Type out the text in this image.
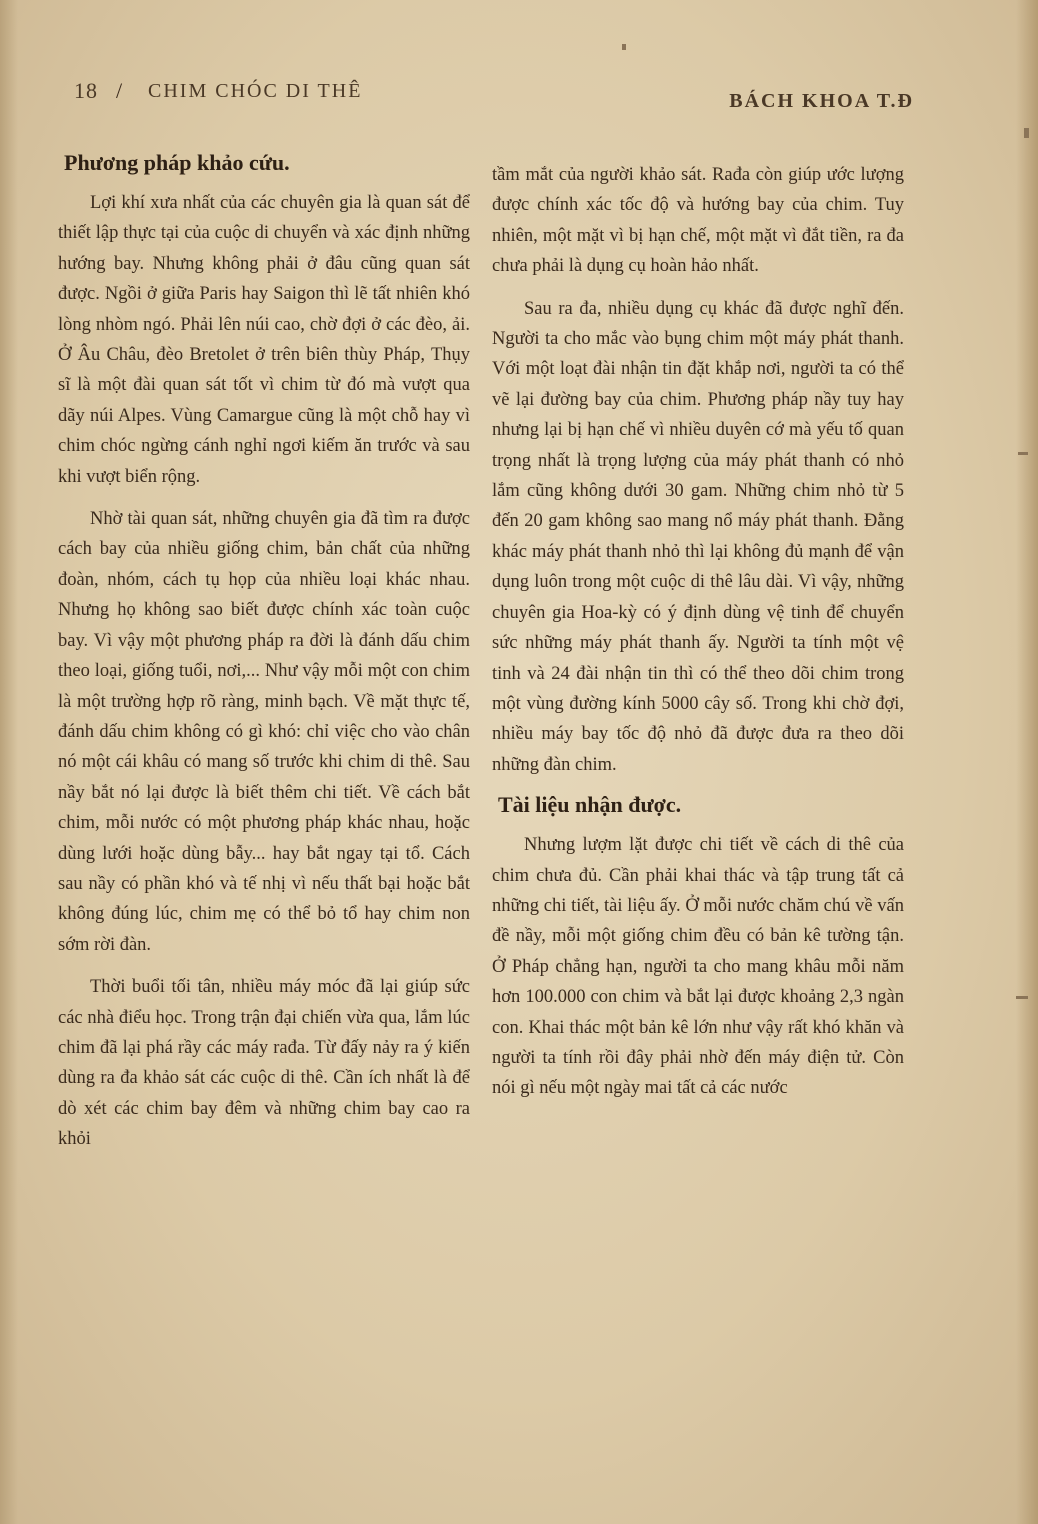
18 / CHIM CHÓC DI THÊ	BÁCH KHOA T.Đ
Phương pháp khảo cứu.

Lợi khí xưa nhất của các chuyên gia là quan sát để thiết lập thực tại của cuộc di chuyển và xác định những hướng bay. Nhưng không phải ở đâu cũng quan sát được. Ngồi ở giữa Paris hay Saigon thì lẽ tất nhiên khó lòng nhòm ngó. Phải lên núi cao, chờ đợi ở các đèo, ải. Ở Âu Châu, đèo Bretolet ở trên biên thùy Pháp, Thụy sĩ là một đài quan sát tốt vì chim từ đó mà vượt qua dãy núi Alpes. Vùng Camargue cũng là một chỗ hay vì chim chóc ngừng cánh nghỉ ngơi kiếm ăn trước và sau khi vượt biển rộng.

Nhờ tài quan sát, những chuyên gia đã tìm ra được cách bay của nhiều giống chim, bản chất của những đoàn, nhóm, cách tụ họp của nhiều loại khác nhau. Nhưng họ không sao biết được chính xác toàn cuộc bay. Vì vậy một phương pháp ra đời là đánh dấu chim theo loại, giống tuổi, nơi,... Như vậy mỗi một con chim là một trường hợp rõ ràng, minh bạch. Về mặt thực tế, đánh dấu chim không có gì khó: chỉ việc cho vào chân nó một cái khâu có mang số trước khi chim di thê. Sau nầy bắt nó lại được là biết thêm chi tiết. Về cách bắt chim, mỗi nước có một phương pháp khác nhau, hoặc dùng lưới hoặc dùng bẫy... hay bắt ngay tại tổ. Cách sau nầy có phần khó và tế nhị vì nếu thất bại hoặc bắt không đúng lúc, chim mẹ có thể bỏ tổ hay chim non sớm rời đàn.

Thời buổi tối tân, nhiều máy móc đã lại giúp sức các nhà điểu học. Trong trận đại chiến vừa qua, lắm lúc chim đã lại phá rầy các máy rađa. Từ đấy nảy ra ý kiến dùng ra đa khảo sát các cuộc di thê. Cần ích nhất là để dò xét các chim bay đêm và những chim bay cao ra khỏi

tầm mắt của người khảo sát. Rađa còn giúp ước lượng được chính xác tốc độ và hướng bay của chim. Tuy nhiên, một mặt vì bị hạn chế, một mặt vì đắt tiền, ra đa chưa phải là dụng cụ hoàn hảo nhất.

Sau ra đa, nhiều dụng cụ khác đã được nghĩ đến. Người ta cho mắc vào bụng chim một máy phát thanh. Với một loạt đài nhận tin đặt khắp nơi, người ta có thể vẽ lại đường bay của chim. Phương pháp nầy tuy hay nhưng lại bị hạn chế vì nhiều duyên cớ mà yếu tố quan trọng nhất là trọng lượng của máy phát thanh có nhỏ lắm cũng không dưới 30 gam. Những chim nhỏ từ 5 đến 20 gam không sao mang nổ máy phát thanh. Đằng khác máy phát thanh nhỏ thì lại không đủ mạnh để vận dụng luôn trong một cuộc di thê lâu dài. Vì vậy, những chuyên gia Hoa-kỳ có ý định dùng vệ tinh để chuyển sức những máy phát thanh ấy. Người ta tính một vệ tinh và 24 đài nhận tin thì có thể theo dõi chim trong một vùng đường kính 5000 cây số. Trong khi chờ đợi, nhiều máy bay tốc độ nhỏ đã được đưa ra theo dõi những đàn chim.

Tài liệu nhận được.

Nhưng lượm lặt được chi tiết về cách di thê của chim chưa đủ. Cần phải khai thác và tập trung tất cả những chi tiết, tài liệu ấy. Ở mỗi nước chăm chú về vấn đề nầy, mỗi một giống chim đều có bản kê tường tận. Ở Pháp chẳng hạn, người ta cho mang khâu mỗi năm hơn 100.000 con chim và bắt lại được khoảng 2,3 ngàn con. Khai thác một bản kê lớn như vậy rất khó khăn và người ta tính rồi đây phải nhờ đến máy điện tử. Còn nói gì nếu một ngày mai tất cả các nước
